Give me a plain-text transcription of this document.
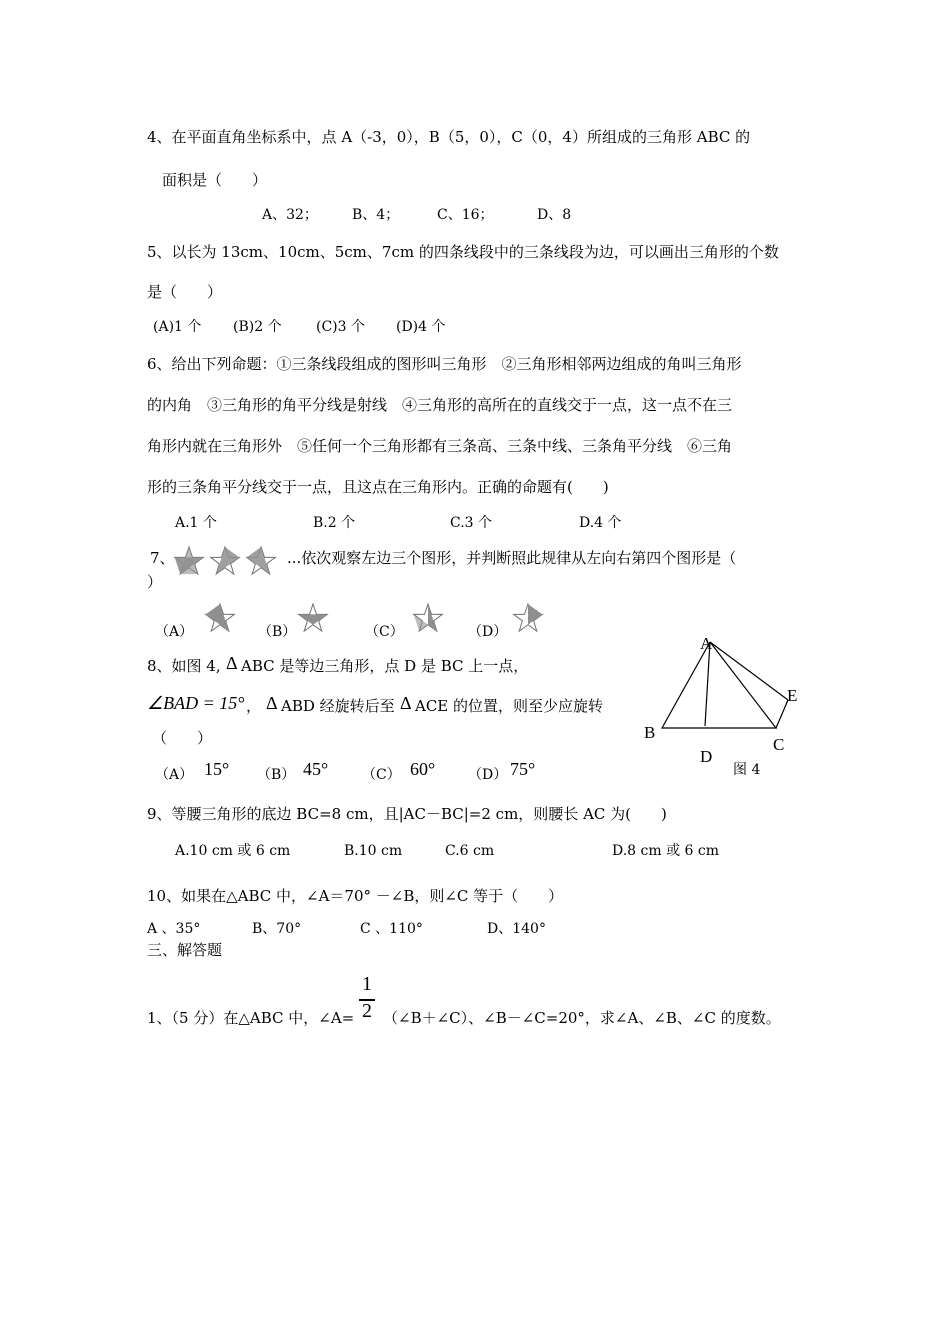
4、在平面直角坐标系中，点 A（-3，0），B（5，0），C（0，4）所组成的三角形 ABC 的
面积是（　　）
A、32； B、4；	C、16；	D、8
5、以长为 13cm、10cm、5cm、7cm 的四条线段中的三条线段为边，可以画出三角形的个数
是（　　）
(A)1 个 (B)2 个 (C)3 个 (D)4 个
6、给出下列命题：①三条线段组成的图形叫三角形　②三角形相邻两边组成的角叫三角形
的内角　③三角形的角平分线是射线　④三角形的高所在的直线交于一点，这一点不在三
角形内就在三角形外　⑤任何一个三角形都有三条高、三条中线、三条角平分线　⑥三角
形的三条角平分线交于一点，且这点在三角形内。正确的命题有(　　)
A.1 个	B.2 个	C.3 个	D.4 个
7、	...依次观察左边三个图形，并判断照此规律从左向右第四个图形是（
）
（A）	（B）	（C）	（D）
8、如图 4, Δ ABC 是等边三角形，点 D 是 BC 上一点，
∠BAD = 15° ， Δ ABD 经旋转后至 Δ ACE 的位置，则至少应旋转
（　　）
（A） 15° （B） 45° （C） 60° （D） 75°
A
B
C
D
E
图 4
9、等腰三角形的底边 BC=8 cm，且|AC－BC|=2 cm，则腰长 AC 为(　　)
A.10 cm 或 6 cm	B.10 cm	C.6 cm	D.8 cm 或 6 cm
10、如果在△ABC 中，∠A＝70° －∠B，则∠C 等于（　　）
A 、35°	B、70°	C 、110°	D、140°
三、解答题
1、（5 分）在△ABC 中，∠A=
1
2 （∠B＋∠C）、∠B－∠C=20°，求∠A、∠B、∠C 的度数。
